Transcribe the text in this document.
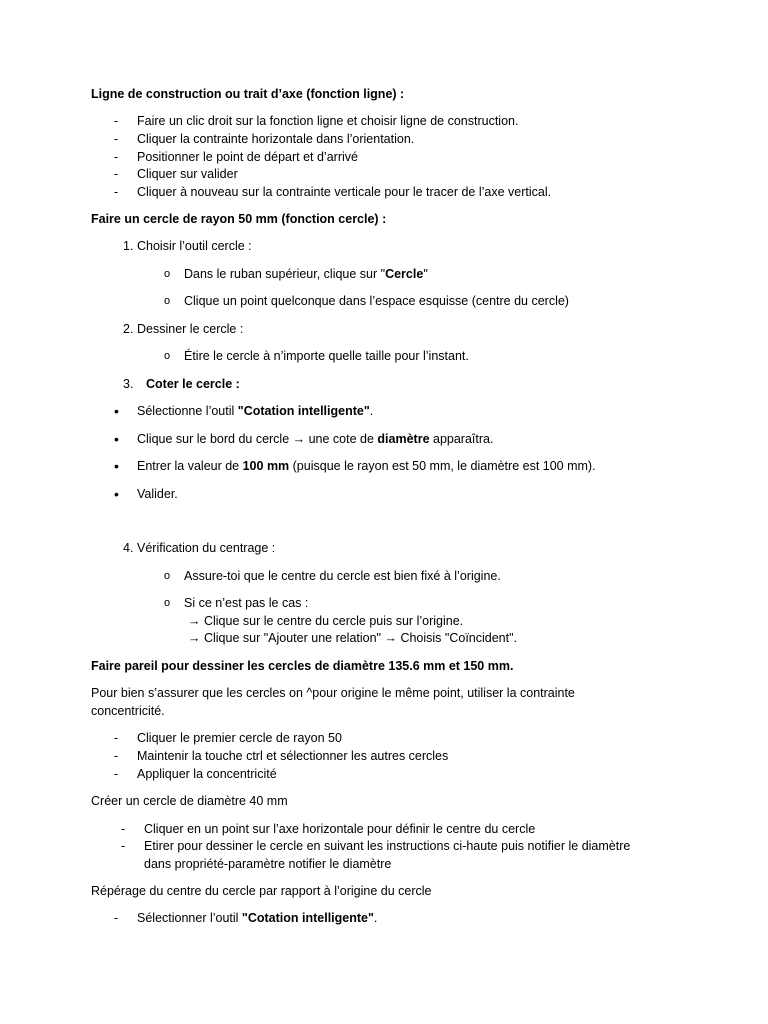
Ligne de construction ou trait d’axe (fonction ligne) :
- Faire un clic droit sur la fonction ligne et choisir ligne de construction.
- Cliquer la contrainte horizontale dans l’orientation.
- Positionner le point de départ et d’arrivé
- Cliquer sur valider
- Cliquer à nouveau sur la contrainte verticale pour le tracer de l’axe vertical.
Faire un cercle de rayon 50 mm (fonction cercle) :
1. Choisir l’outil cercle :
o Dans le ruban supérieur, clique sur "Cercle"
o Clique un point quelconque dans l’espace esquisse (centre du cercle)
2. Dessiner le cercle :
o Étire le cercle à n’importe quelle taille pour l’instant.
3. Coter le cercle :
• Sélectionne l’outil "Cotation intelligente".
• Clique sur le bord du cercle → une cote de diamètre apparaîtra.
• Entrer la valeur de 100 mm (puisque le rayon est 50 mm, le diamètre est 100 mm).
• Valider.
4. Vérification du centrage :
o Assure-toi que le centre du cercle est bien fixé à l’origine.
o Si ce n’est pas le cas :
→ Clique sur le centre du cercle puis sur l’origine.
→ Clique sur "Ajouter une relation" → Choisis "Coïncident".
Faire pareil pour dessiner les cercles de diamètre 135.6 mm et 150 mm.
Pour bien s’assurer que les cercles on ^pour origine le même point, utiliser la contrainte
concentricité.
- Cliquer le premier cercle de rayon 50
- Maintenir la touche ctrl et sélectionner les autres cercles
- Appliquer la concentricité
Créer un cercle de diamètre 40 mm
- Cliquer en un point sur l’axe horizontale pour définir le centre du cercle
- Etirer pour dessiner le cercle en suivant les instructions ci-haute puis notifier le diamètre
dans propriété-paramètre notifier le diamètre
Répérage du centre du cercle par rapport à l’origine du cercle
- Sélectionner l’outil "Cotation intelligente".
